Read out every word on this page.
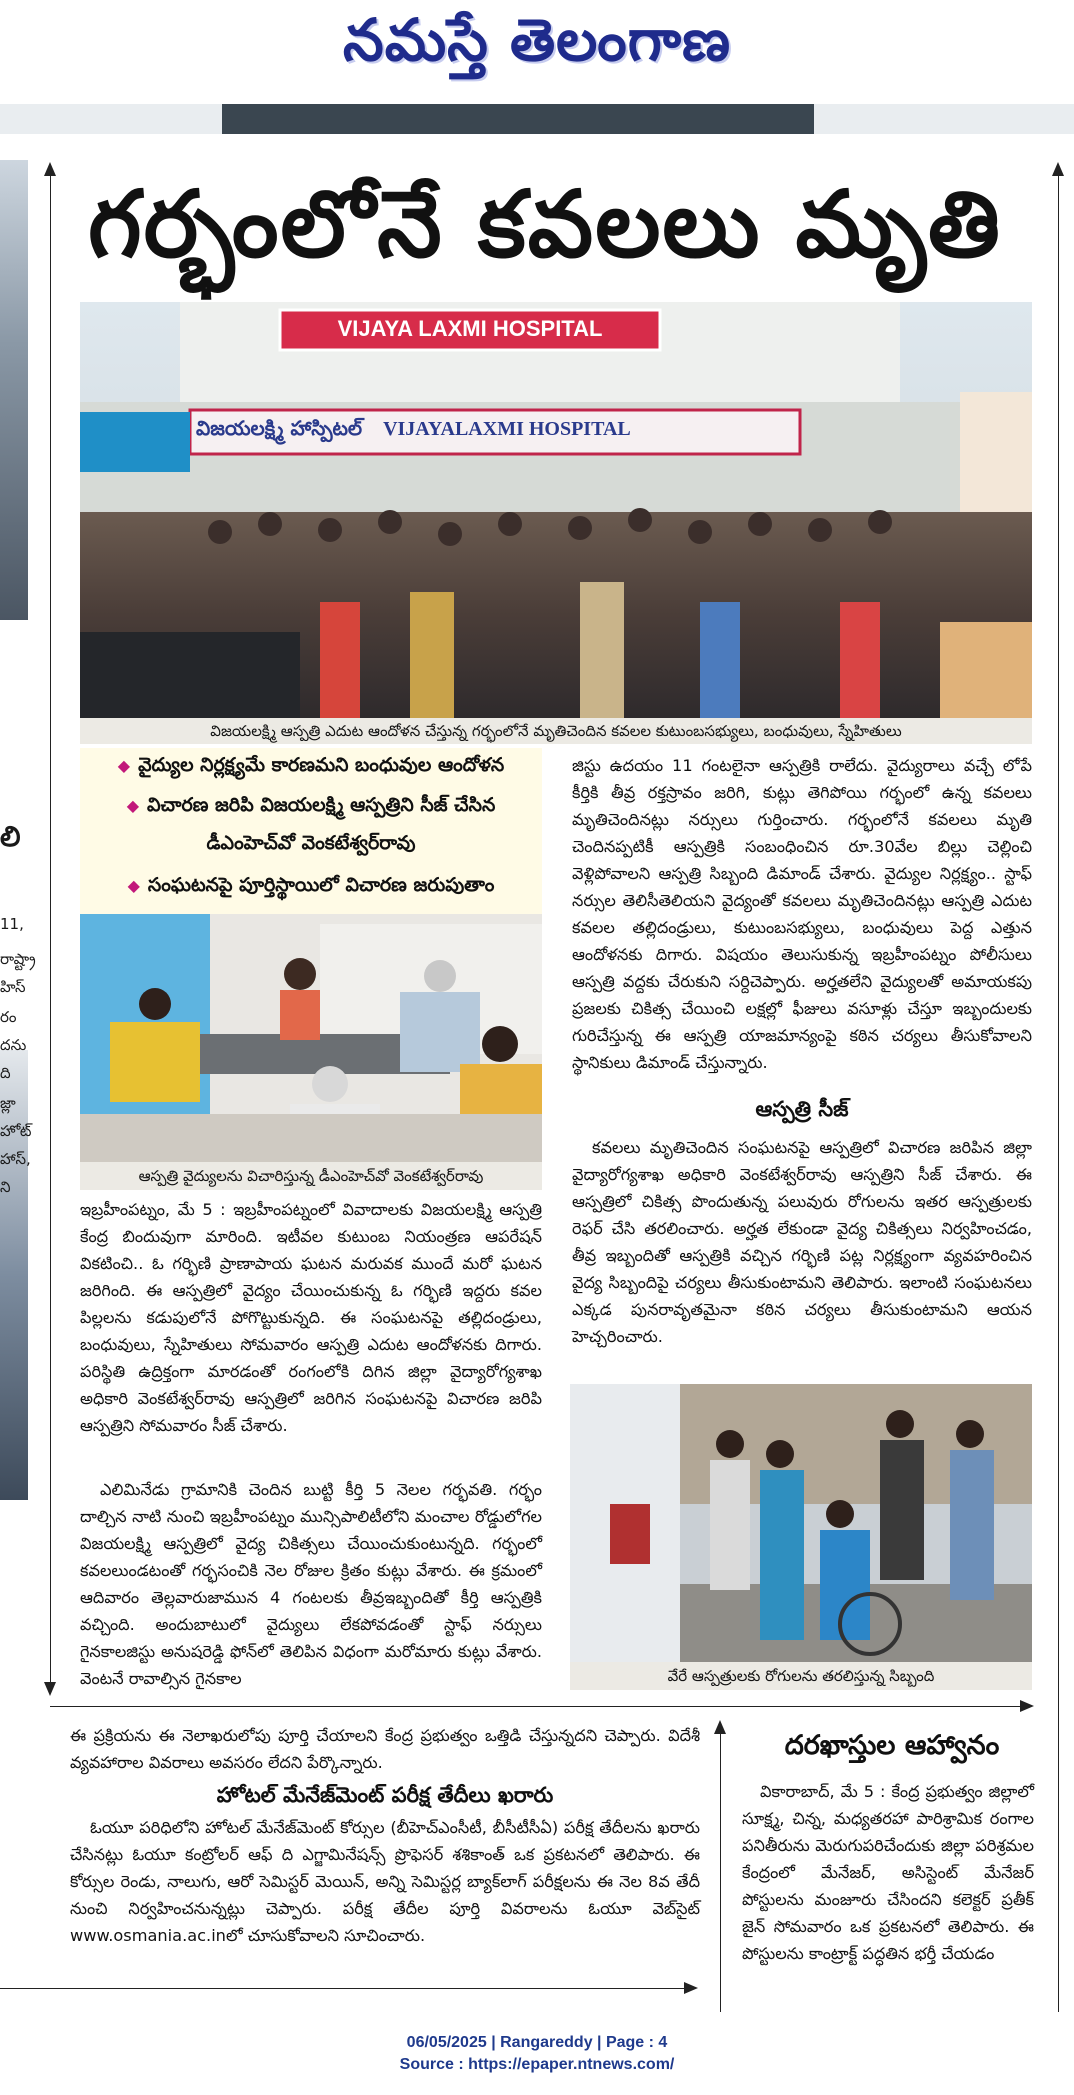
నమస్తే తెలంగాణ
లి
11,
రాష్ట్రా
హిస్
రం
దను
ది
జ్లా
హోట్
హాస్,
ని
గర్భంలోనే కవలలు మృతి
VIJAYA LAXMI HOSPITAL
విజయలక్ష్మి హాస్పిటల్ VIJAYALAXMI HOSPITAL
విజయలక్ష్మి ఆస్పత్రి ఎదుట ఆందోళన చేస్తున్న గర్భంలోనే మృతిచెందిన కవలల కుటుంబసభ్యులు, బంధువులు, స్నేహితులు
◆ వైద్యుల నిర్లక్ష్యమే కారణమని బంధువుల ఆందోళన
◆ విచారణ జరిపి విజయలక్ష్మి ఆస్పత్రిని సీజ్ చేసిన
డీఎంహెచ్‌వో వెంకటేశ్వర్‌రావు
◆ సంఘటనపై పూర్తిస్థాయిలో విచారణ జరుపుతాం
ఆస్పత్రి వైద్యులను విచారిస్తున్న డీఎంహెచ్‌వో వెంకటేశ్వర్‌రావు

ఇబ్రహీంపట్నం, మే 5 : ఇబ్రహీంపట్నంలో వివాదాలకు విజయలక్ష్మి ఆస్పత్రి కేంద్ర బిందువుగా మారింది. ఇటీవల కుటుంబ నియంత్రణ ఆపరేషన్ వికటించి.. ఓ గర్భిణి ప్రాణాపాయ ఘటన మరువక ముందే మరో ఘటన జరిగింది. ఈ ఆస్పత్రిలో వైద్యం చేయించుకున్న ఓ గర్భిణి ఇద్దరు కవల పిల్లలను కడుపులోనే పోగొట్టుకున్నది. ఈ సంఘటనపై తల్లిదండ్రులు, బంధువులు, స్నేహితులు సోమవారం ఆస్పత్రి ఎదుట ఆందోళనకు దిగారు. పరిస్థితి ఉద్రిక్తంగా మారడంతో రంగంలోకి దిగిన జిల్లా వైద్యారోగ్యశాఖ అధికారి వెంకటేశ్వర్‌రావు ఆస్పత్రిలో జరిగిన సంఘటనపై విచారణ జరిపి ఆస్పత్రిని సోమవారం సీజ్ చేశారు.

ఎలిమినేడు గ్రామానికి చెందిన బుట్టి కీర్తి 5 నెలల గర్భవతి. గర్భం దాల్చిన నాటి నుంచి ఇబ్రహీంపట్నం మున్సిపాలిటీలోని మంచాల రోడ్డులోగల విజయలక్ష్మి ఆస్పత్రిలో వైద్య చికిత్సలు చేయించుకుంటున్నది. గర్భంలో కవలలుండటంతో గర్భసంచికి నెల రోజుల క్రితం కుట్లు వేశారు. ఈ క్రమంలో ఆదివారం తెల్లవారుజామున 4 గంటలకు తీవ్రఇబ్బందితో కీర్తి ఆస్పత్రికి వచ్చింది. అందుబాటులో వైద్యులు లేకపోవడంతో స్టాఫ్ నర్సులు గైనకాలజిస్టు అనుషరెడ్డి ఫోన్‌లో తెలిపిన విధంగా మరోమారు కుట్లు వేశారు. వెంటనే రావాల్సిన గైనకాల

జిస్టు ఉదయం 11 గంటలైనా ఆస్పత్రికి రాలేదు. వైద్యురాలు వచ్చే లోపే కీర్తికి తీవ్ర రక్తస్రావం జరిగి, కుట్లు తెగిపోయి గర్భంలో ఉన్న కవలలు మృతిచెందినట్లు నర్సులు గుర్తించారు. గర్భంలోనే కవలలు మృతి చెందినప్పటికీ ఆస్పత్రికి సంబంధించిన రూ.30వేల బిల్లు చెల్లించి వెళ్లిపోవాలని ఆస్పత్రి సిబ్బంది డిమాండ్ చేశారు. వైద్యుల నిర్లక్ష్యం.. స్టాఫ్ నర్సుల తెలిసీతెలియని వైద్యంతో కవలలు మృతిచెందినట్లు ఆస్పత్రి ఎదుట కవలల తల్లిదండ్రులు, కుటుంబసభ్యులు, బంధువులు పెద్ద ఎత్తున ఆందోళనకు దిగారు. విషయం తెలుసుకున్న ఇబ్రహీంపట్నం పోలీసులు ఆస్పత్రి వద్దకు చేరుకుని సర్దిచెప్పారు. అర్హతలేని వైద్యులతో అమాయకపు ప్రజలకు చికిత్స చేయించి లక్షల్లో ఫీజులు వసూళ్లు చేస్తూ ఇబ్బందులకు గురిచేస్తున్న ఈ ఆస్పత్రి యాజమాన్యంపై కఠిన చర్యలు తీసుకోవాలని స్థానికులు డిమాండ్ చేస్తున్నారు.

ఆస్పత్రి సీజ్

కవలలు మృతిచెందిన సంఘటనపై ఆస్పత్రిలో విచారణ జరిపిన జిల్లా వైద్యారోగ్యశాఖ అధికారి వెంకటేశ్వర్‌రావు ఆస్పత్రిని సీజ్ చేశారు. ఈ ఆస్పత్రిలో చికిత్స పొందుతున్న పలువురు రోగులను ఇతర ఆస్పత్రులకు రెఫర్ చేసి తరలించారు. అర్హత లేకుండా వైద్య చికిత్సలు నిర్వహించడం, తీవ్ర ఇబ్బందితో ఆస్పత్రికి వచ్చిన గర్భిణి పట్ల నిర్లక్ష్యంగా వ్యవహరించిన వైద్య సిబ్బందిపై చర్యలు తీసుకుంటామని తెలిపారు. ఇలాంటి సంఘటనలు ఎక్కడ పునరావృతమైనా కఠిన చర్యలు తీసుకుంటామని ఆయన హెచ్చరించారు.

వేరే ఆస్పత్రులకు రోగులను తరలిస్తున్న సిబ్బంది

ఈ ప్రక్రియను ఈ నెలాఖరులోపు పూర్తి చేయాలని కేంద్ర ప్రభుత్వం ఒత్తిడి చేస్తున్నదని చెప్పారు. విదేశీ వ్యవహారాల వివరాలు అవసరం లేదని పేర్కొన్నారు.

హోటల్ మేనేజ్‌మెంట్ పరీక్ష తేదీలు ఖరారు

ఓయూ పరిధిలోని హోటల్ మేనేజ్‌మెంట్ కోర్సుల (బీహెచ్‌ఎంసీటీ, బీసీటీసీఏ) పరీక్ష తేదీలను ఖరారు చేసినట్లు ఓయూ కంట్రోలర్ ఆఫ్ ది ఎగ్జామినేషన్స్ ప్రొఫెసర్ శశికాంత్ ఒక ప్రకటనలో తెలిపారు. ఈ కోర్సుల రెండు, నాలుగు, ఆరో సెమిస్టర్ మెయిన్, అన్ని సెమిస్టర్ల బ్యాక్‌లాగ్ పరీక్షలను ఈ నెల 8వ తేదీ నుంచి నిర్వహించనున్నట్లు చెప్పారు. పరీక్ష తేదీల పూర్తి వివరాలను ఓయూ వెబ్‌సైట్ www.osmania.ac.inలో చూసుకోవాలని సూచించారు.

దరఖాస్తుల ఆహ్వానం

వికారాబాద్, మే 5 : కేంద్ర ప్రభుత్వం జిల్లాలో సూక్ష్మ, చిన్న, మధ్యతరహా పారిశ్రామిక రంగాల పనితీరును మెరుగుపరిచేందుకు జిల్లా పరిశ్రమల కేంద్రంలో మేనేజర్, అసిస్టెంట్ మేనేజర్ పోస్టులను మంజూరు చేసిందని కలెక్టర్ ప్రతీక్ జైన్ సోమవారం ఒక ప్రకటనలో తెలిపారు. ఈ పోస్టులను కాంట్రాక్ట్ పద్ధతిన భర్తీ చేయడం

06/05/2025 | Rangareddy | Page : 4
Source : https://epaper.ntnews.com/
